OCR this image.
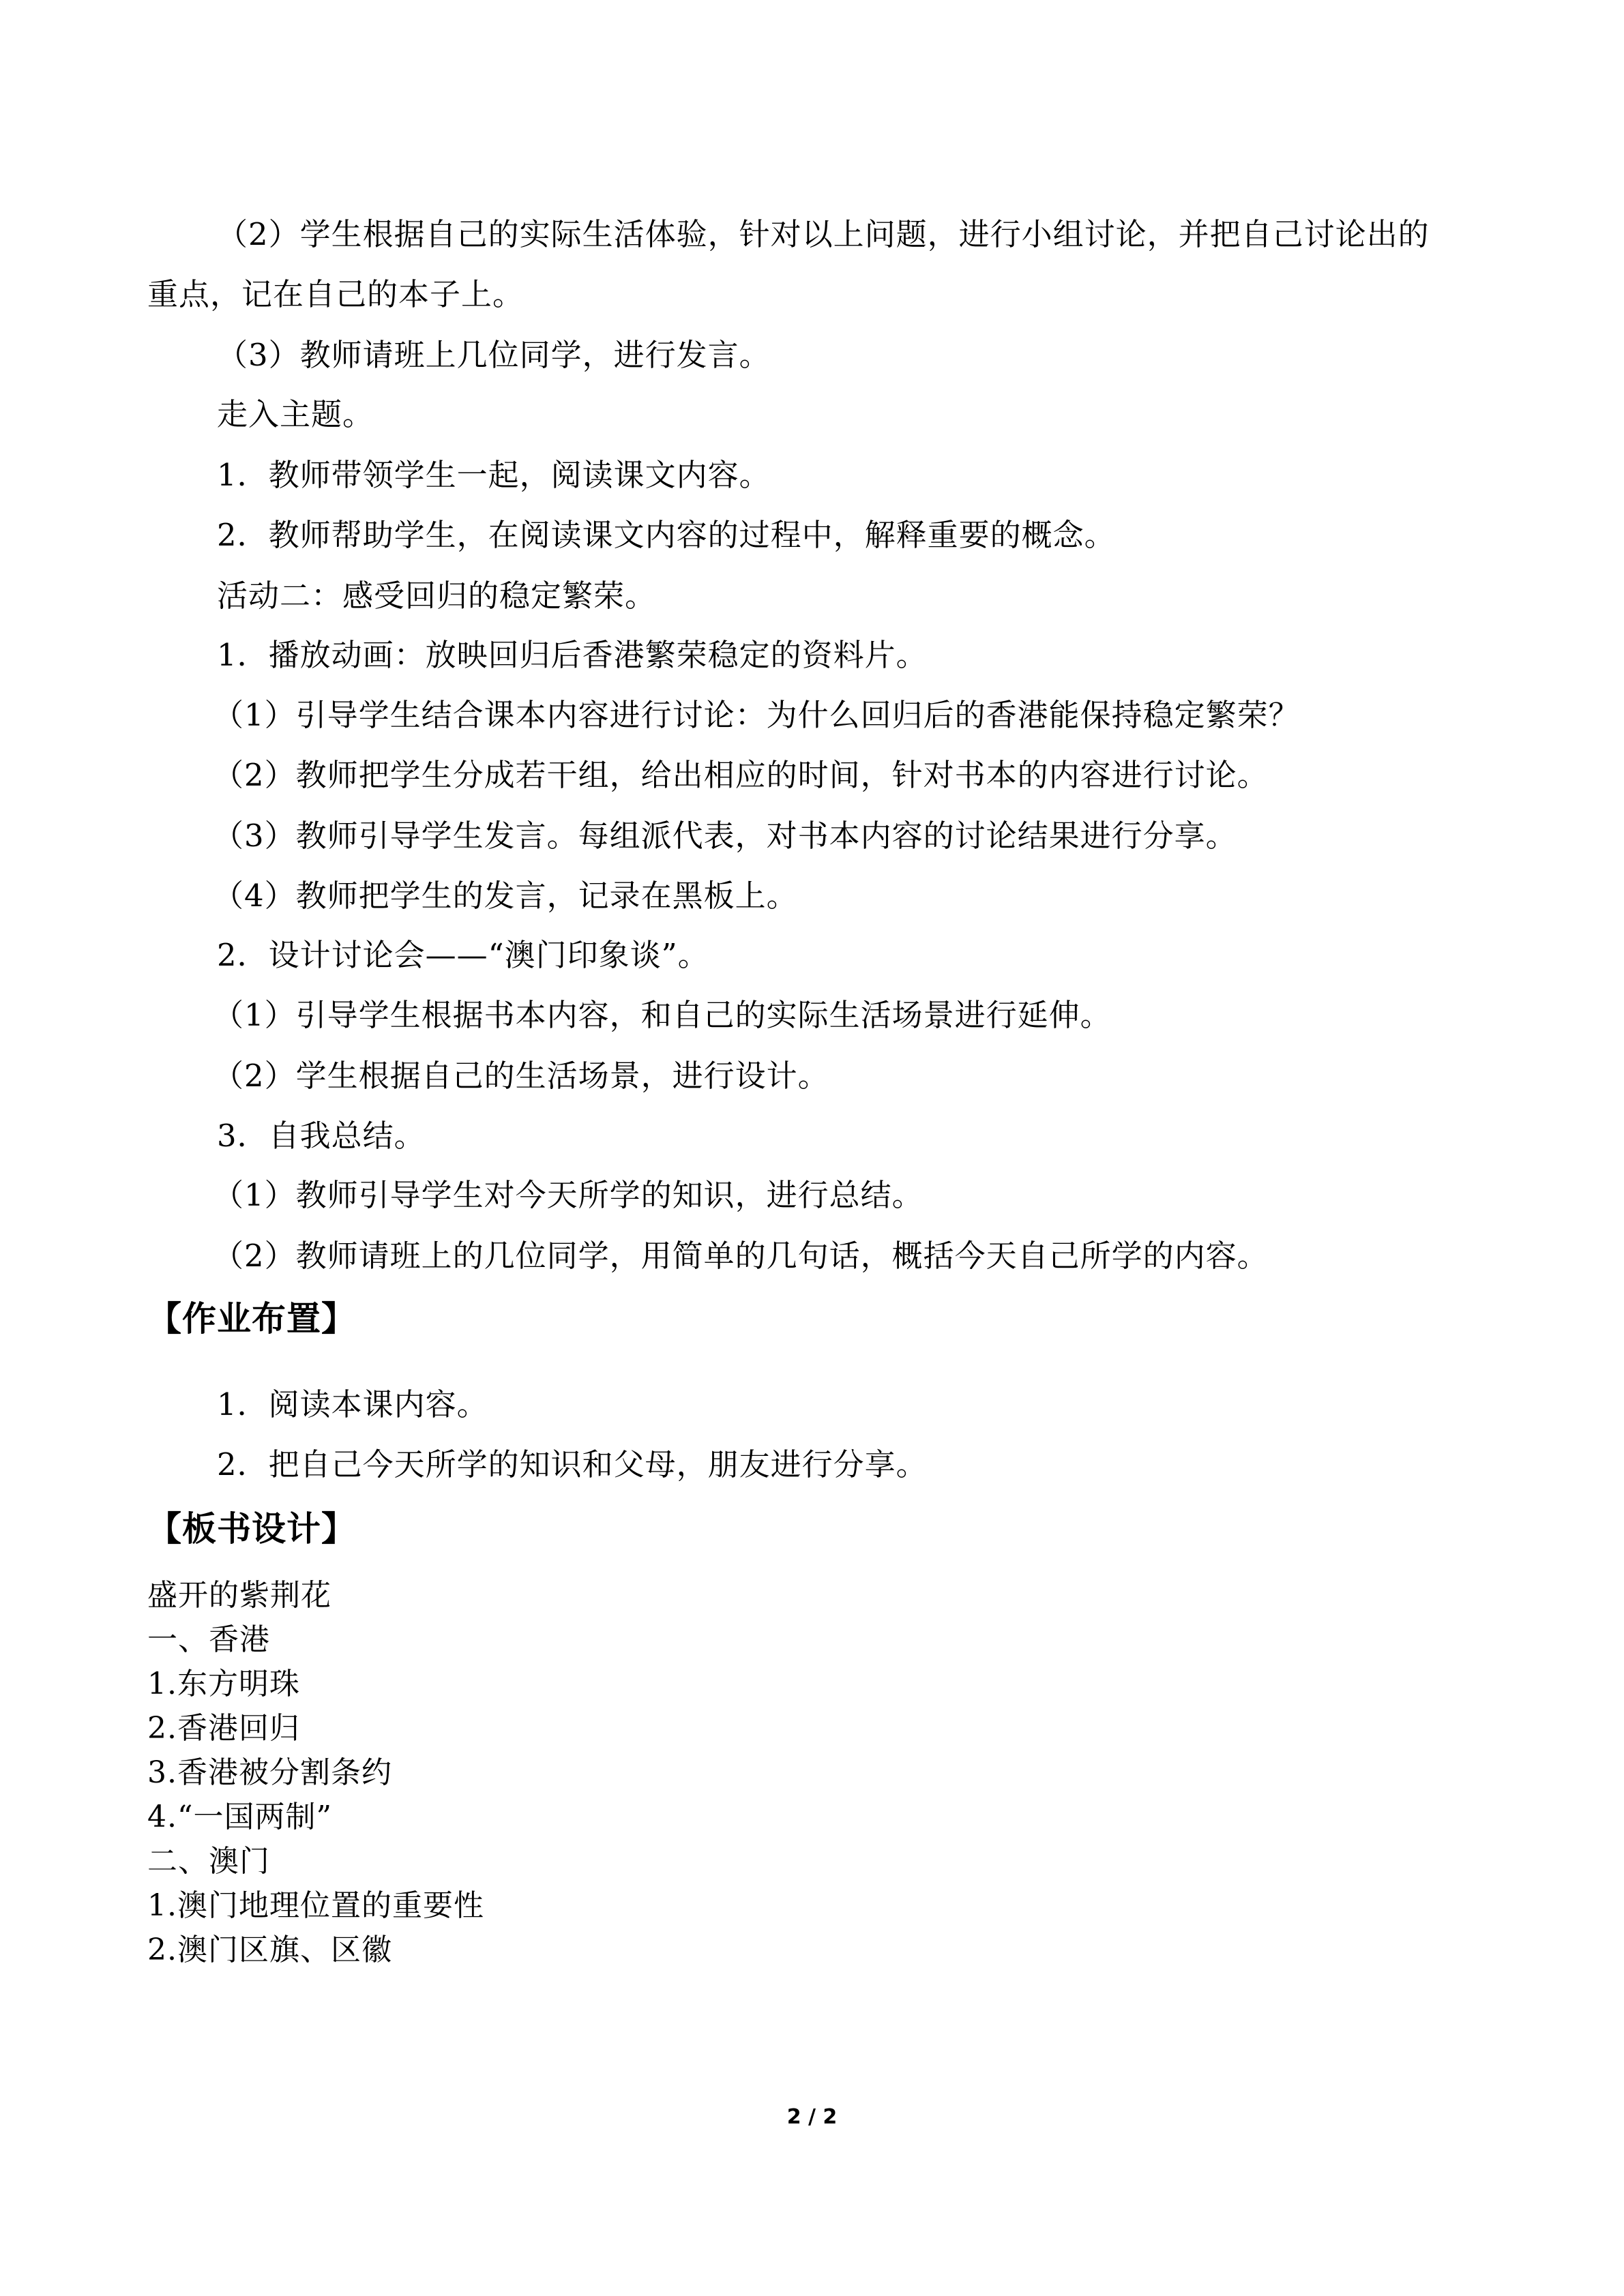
（2）学生根据自己的实际生活体验，针对以上问题，进行小组讨论，并把自己讨论出的
重点，记在自己的本子上。
（3）教师请班上几位同学，进行发言。
走入主题。
1．教师带领学生一起，阅读课文内容。
2．教师帮助学生，在阅读课文内容的过程中，解释重要的概念。
活动二：感受回归的稳定繁荣。
1．播放动画：放映回归后香港繁荣稳定的资料片。
（1）引导学生结合课本内容进行讨论：为什么回归后的香港能保持稳定繁荣？
（2）教师把学生分成若干组，给出相应的时间，针对书本的内容进行讨论。
（3）教师引导学生发言。每组派代表，对书本内容的讨论结果进行分享。
（4）教师把学生的发言，记录在黑板上。
2．设计讨论会——“澳门印象谈”。
（1）引导学生根据书本内容，和自己的实际生活场景进行延伸。
（2）学生根据自己的生活场景，进行设计。
3．自我总结。
（1）教师引导学生对今天所学的知识，进行总结。
（2）教师请班上的几位同学，用简单的几句话，概括今天自己所学的内容。
【作业布置】
1．阅读本课内容。
2．把自己今天所学的知识和父母，朋友进行分享。
【板书设计】
盛开的紫荆花
一、香港
1.东方明珠
2.香港回归
3.香港被分割条约
4.“一国两制”
二、澳门
1.澳门地理位置的重要性
2.澳门区旗、区徽
2 / 2
